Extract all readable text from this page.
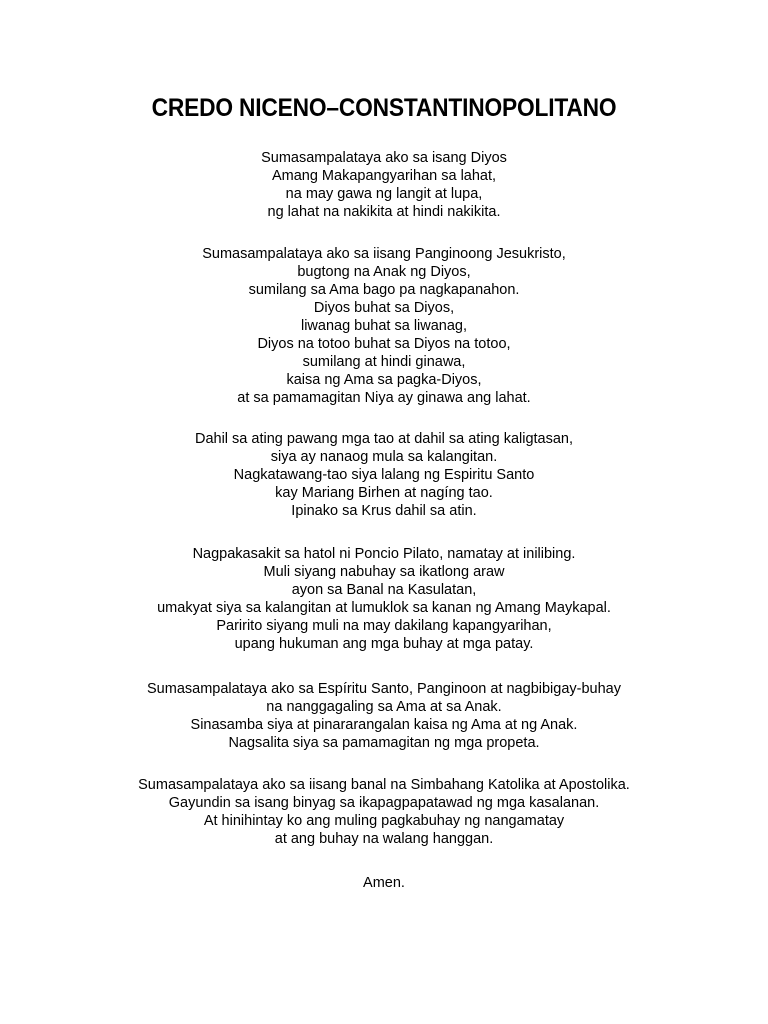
CREDO NICENO–CONSTANTINOPOLITANO
Sumasampalataya ako sa isang Diyos
Amang Makapangyarihan sa lahat,
na may gawa ng langit at lupa,
ng lahat na nakikita at hindi nakikita.
Sumasampalataya ako sa iisang Panginoong Jesukristo,
bugtong na Anak ng Diyos,
sumilang sa Ama bago pa nagkapanahon.
Diyos buhat sa Diyos,
liwanag buhat sa liwanag,
Diyos na totoo buhat sa Diyos na totoo,
sumilang at hindi ginawa,
kaisa ng Ama sa pagka-Diyos,
at sa pamamagitan Niya ay ginawa ang lahat.
Dahil sa ating pawang mga tao at dahil sa ating kaligtasan,
siya ay nanaog mula sa kalangitan.
Nagkatawang-tao siya lalang ng Espiritu Santo
kay Mariang Birhen at nagíng tao.
Ipinako sa Krus dahil sa atin.
Nagpakasakit sa hatol ni Poncio Pilato, namatay at inilibing.
Muli siyang nabuhay sa ikatlong araw
ayon sa Banal na Kasulatan,
umakyat siya sa kalangitan at lumuklok sa kanan ng Amang Maykapal.
Paririto siyang muli na may dakilang kapangyarihan,
upang hukuman ang mga buhay at mga patay.
Sumasampalataya ako sa Espíritu Santo, Panginoon at nagbibigay-buhay
na nanggagaling sa Ama at sa Anak.
Sinasamba siya at pinararangalan kaisa ng Ama at ng Anak.
Nagsalita siya sa pamamagitan ng mga propeta.
Sumasampalataya ako sa iisang banal na Simbahang Katolika at Apostolika.
Gayundin sa isang binyag sa ikapagpapatawad ng mga kasalanan.
At hinihintay ko ang muling pagkabuhay ng nangamatay
at ang buhay na walang hanggan.
Amen.
